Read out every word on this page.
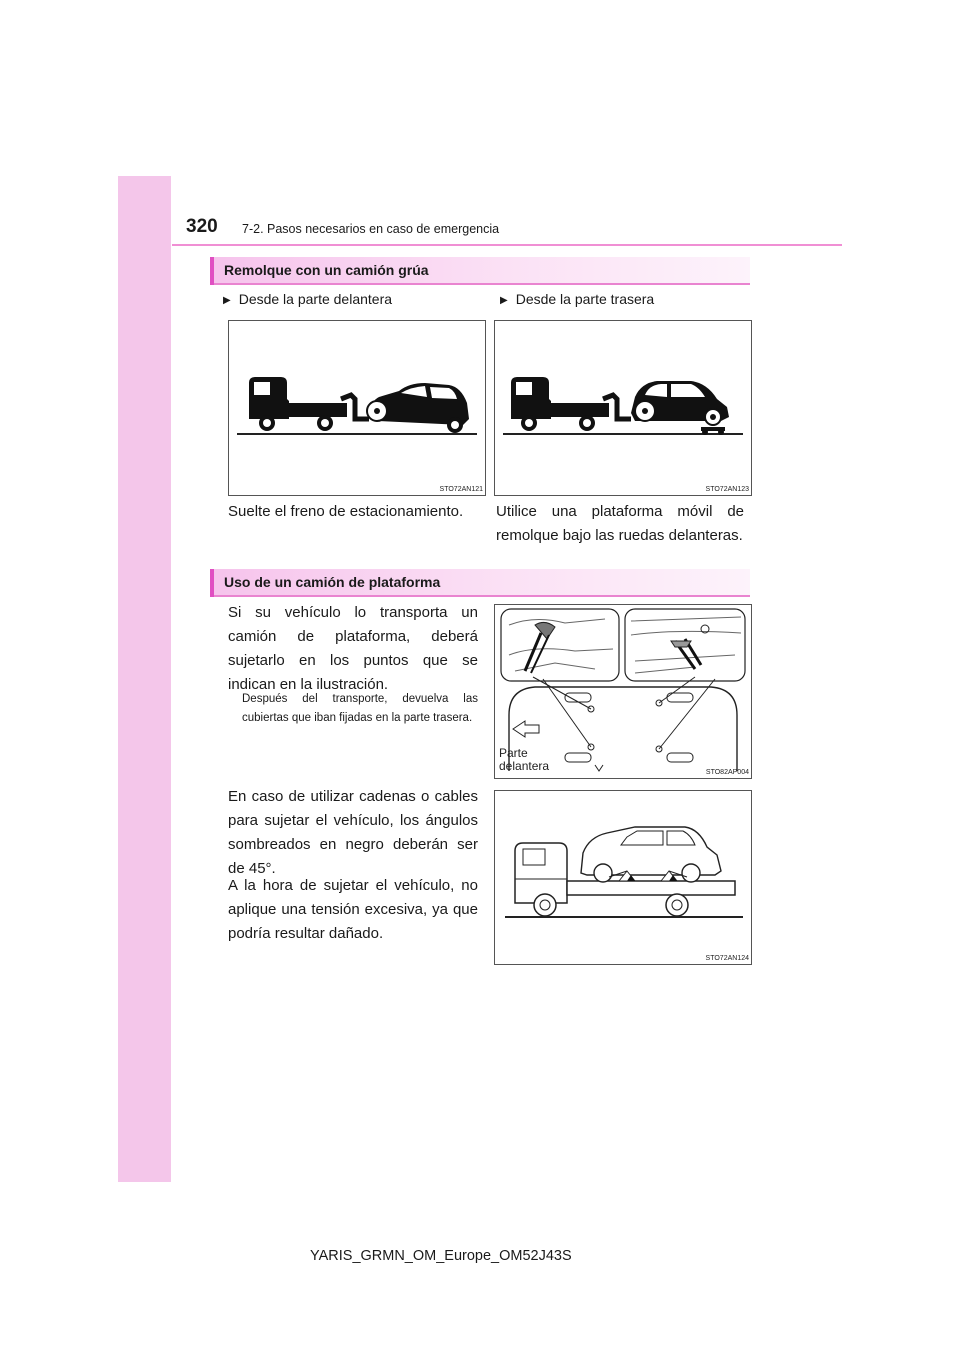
320 7-2. Pasos necesarios en caso de emergencia
Remolque con un camión grúa
▶ Desde la parte delantera	▶ Desde la parte trasera
STO72AN121	STO72AN123
Suelte el freno de estacionamiento.	Utilice una plataforma móvil de remolque bajo las ruedas delanteras.
Uso de un camión de plataforma
Si su vehículo lo transporta un camión de plataforma, deberá sujetarlo en los puntos que se indican en la ilustración.
Después del transporte, devuelva las cubiertas que iban fijadas en la parte trasera.
Parte
delantera	STO82AP004
En caso de utilizar cadenas o cables para sujetar el vehículo, los ángulos sombreados en negro deberán ser de 45°.
A la hora de sujetar el vehículo, no aplique una tensión excesiva, ya que podría resultar dañado.
STO72AN124
YARIS_GRMN_OM_Europe_OM52J43S
